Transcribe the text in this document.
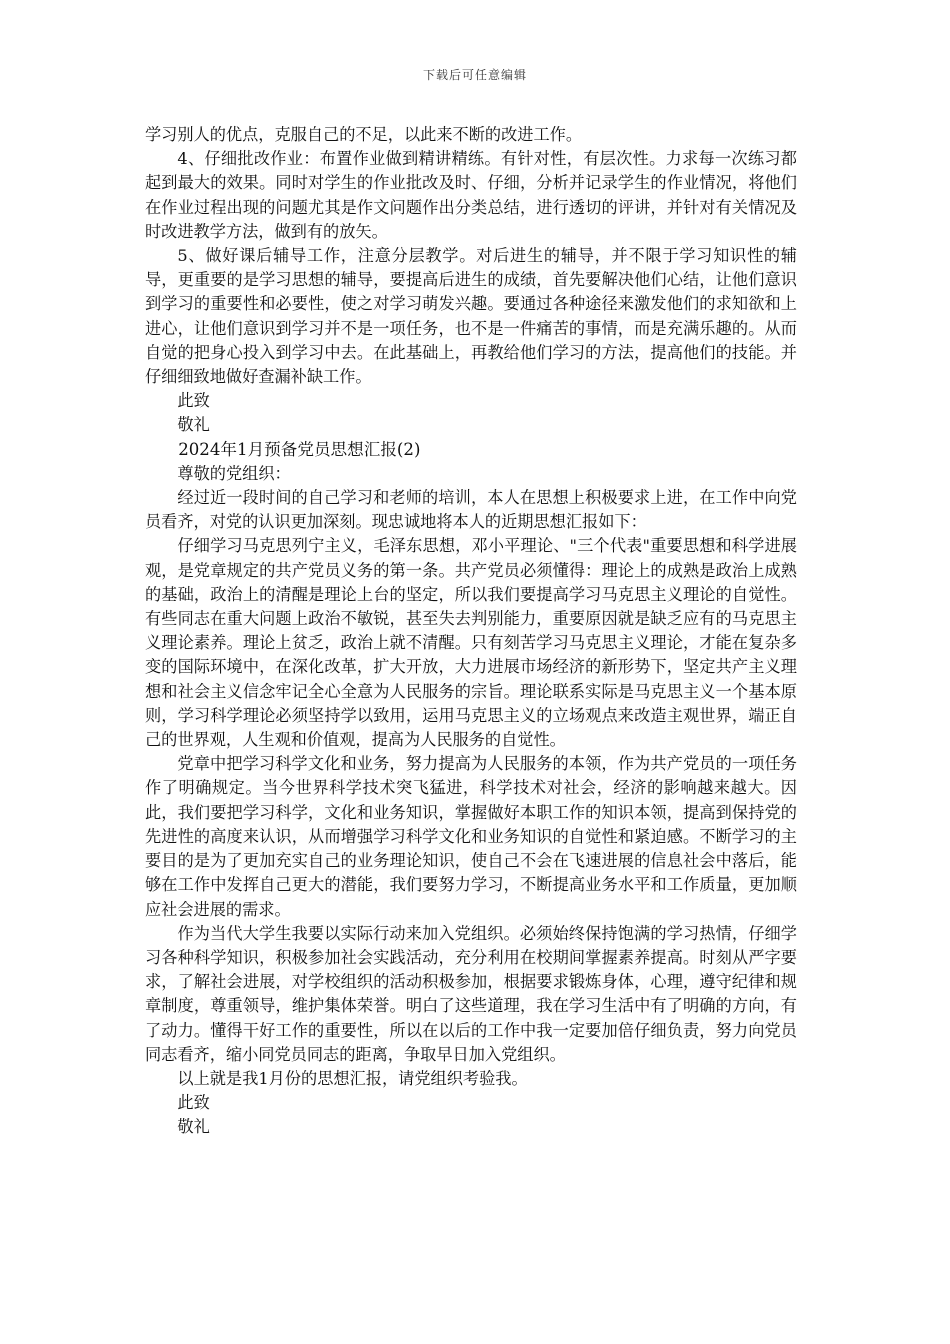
下载后可任意编辑

学习别人的优点，克服自己的不足，以此来不断的改进工作。

4、仔细批改作业：布置作业做到精讲精练。有针对性，有层次性。力求每一次练习都起到最大的效果。同时对学生的作业批改及时、仔细，分析并记录学生的作业情况，将他们在作业过程出现的问题尤其是作文问题作出分类总结，进行透切的评讲，并针对有关情况及时改进教学方法，做到有的放矢。

5、做好课后辅导工作，注意分层教学。对后进生的辅导，并不限于学习知识性的辅导，更重要的是学习思想的辅导，要提高后进生的成绩，首先要解决他们心结，让他们意识到学习的重要性和必要性，使之对学习萌发兴趣。要通过各种途径来激发他们的求知欲和上进心，让他们意识到学习并不是一项任务，也不是一件痛苦的事情，而是充满乐趣的。从而自觉的把身心投入到学习中去。在此基础上，再教给他们学习的方法，提高他们的技能。并仔细细致地做好查漏补缺工作。

此致

敬礼

2024年1月预备党员思想汇报(2)

尊敬的党组织：

经过近一段时间的自己学习和老师的培训，本人在思想上积极要求上进，在工作中向党员看齐，对党的认识更加深刻。现忠诚地将本人的近期思想汇报如下：

仔细学习马克思列宁主义，毛泽东思想，邓小平理论、"三个代表"重要思想和科学进展观，是党章规定的共产党员义务的第一条。共产党员必须懂得：理论上的成熟是政治上成熟的基础，政治上的清醒是理论上台的坚定，所以我们要提高学习马克思主义理论的自觉性。有些同志在重大问题上政治不敏锐，甚至失去判别能力，重要原因就是缺乏应有的马克思主义理论素养。理论上贫乏，政治上就不清醒。只有刻苦学习马克思主义理论，才能在复杂多变的国际环境中，在深化改革，扩大开放，大力进展市场经济的新形势下，坚定共产主义理想和社会主义信念牢记全心全意为人民服务的宗旨。理论联系实际是马克思主义一个基本原则，学习科学理论必须坚持学以致用，运用马克思主义的立场观点来改造主观世界，端正自己的世界观，人生观和价值观，提高为人民服务的自觉性。

党章中把学习科学文化和业务，努力提高为人民服务的本领，作为共产党员的一项任务作了明确规定。当今世界科学技术突飞猛进，科学技术对社会，经济的影响越来越大。因此，我们要把学习科学，文化和业务知识，掌握做好本职工作的知识本领，提高到保持党的先进性的高度来认识，从而增强学习科学文化和业务知识的自觉性和紧迫感。不断学习的主要目的是为了更加充实自己的业务理论知识，使自己不会在飞速进展的信息社会中落后，能够在工作中发挥自己更大的潜能，我们要努力学习，不断提高业务水平和工作质量，更加顺应社会进展的需求。

作为当代大学生我要以实际行动来加入党组织。必须始终保持饱满的学习热情，仔细学习各种科学知识，积极参加社会实践活动，充分利用在校期间掌握素养提高。时刻从严字要求，了解社会进展，对学校组织的活动积极参加，根据要求锻炼身体，心理，遵守纪律和规章制度，尊重领导，维护集体荣誉。明白了这些道理，我在学习生活中有了明确的方向，有了动力。懂得干好工作的重要性，所以在以后的工作中我一定要加倍仔细负责，努力向党员同志看齐，缩小同党员同志的距离，争取早日加入党组织。

以上就是我1月份的思想汇报，请党组织考验我。

此致

敬礼
